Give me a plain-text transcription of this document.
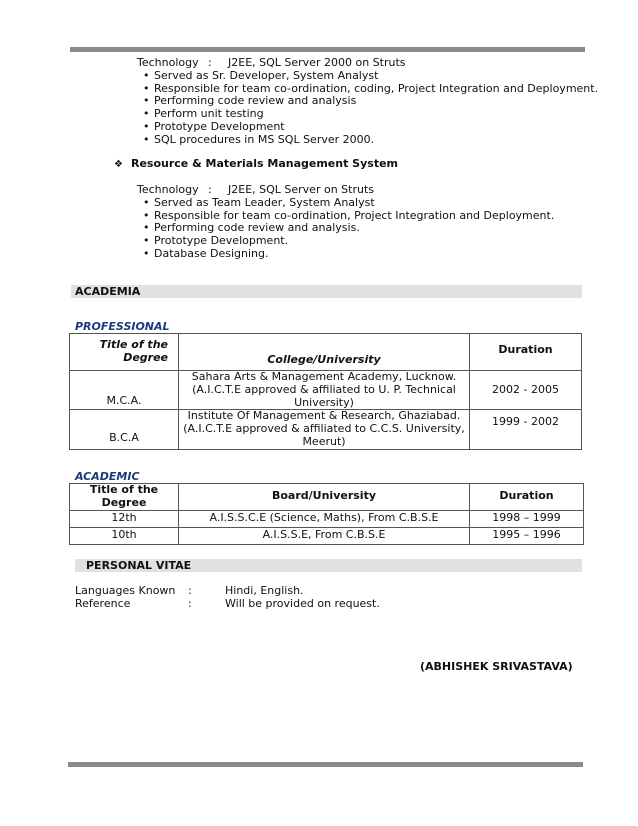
Technology : J2EE, SQL Server 2000 on Struts
• Served as Sr. Developer, System Analyst
• Responsible for team co-ordination, coding, Project Integration and Deployment.
• Performing code review and analysis
• Perform unit testing
• Prototype Development
• SQL procedures in MS SQL Server 2000.
❖ Resource & Materials Management System
Technology : J2EE, SQL Server on Struts
• Served as Team Leader, System Analyst
• Responsible for team co-ordination, Project Integration and Deployment.
• Performing code review and analysis.
• Prototype Development.
• Database Designing.
ACADEMIA
PROFESSIONAL
Title of the Degree	College/University	Duration
M.C.A.	Sahara Arts & Management Academy, Lucknow. (A.I.C.T.E approved & affiliated to U. P. Technical University)	2002 - 2005
B.C.A	Institute Of Management & Research, Ghaziabad. (A.I.C.T.E approved & affiliated to C.C.S. University, Meerut)	1999 - 2002
ACADEMIC
Title of the Degree	Board/University	Duration
12th	A.I.S.S.C.E (Science, Maths), From C.B.S.E	1998 – 1999
10th	A.I.S.S.E, From C.B.S.E	1995 – 1996
PERSONAL VITAE
Languages Known :	Hindi, English.
Reference	:	Will be provided on request.
(ABHISHEK SRIVASTAVA)
